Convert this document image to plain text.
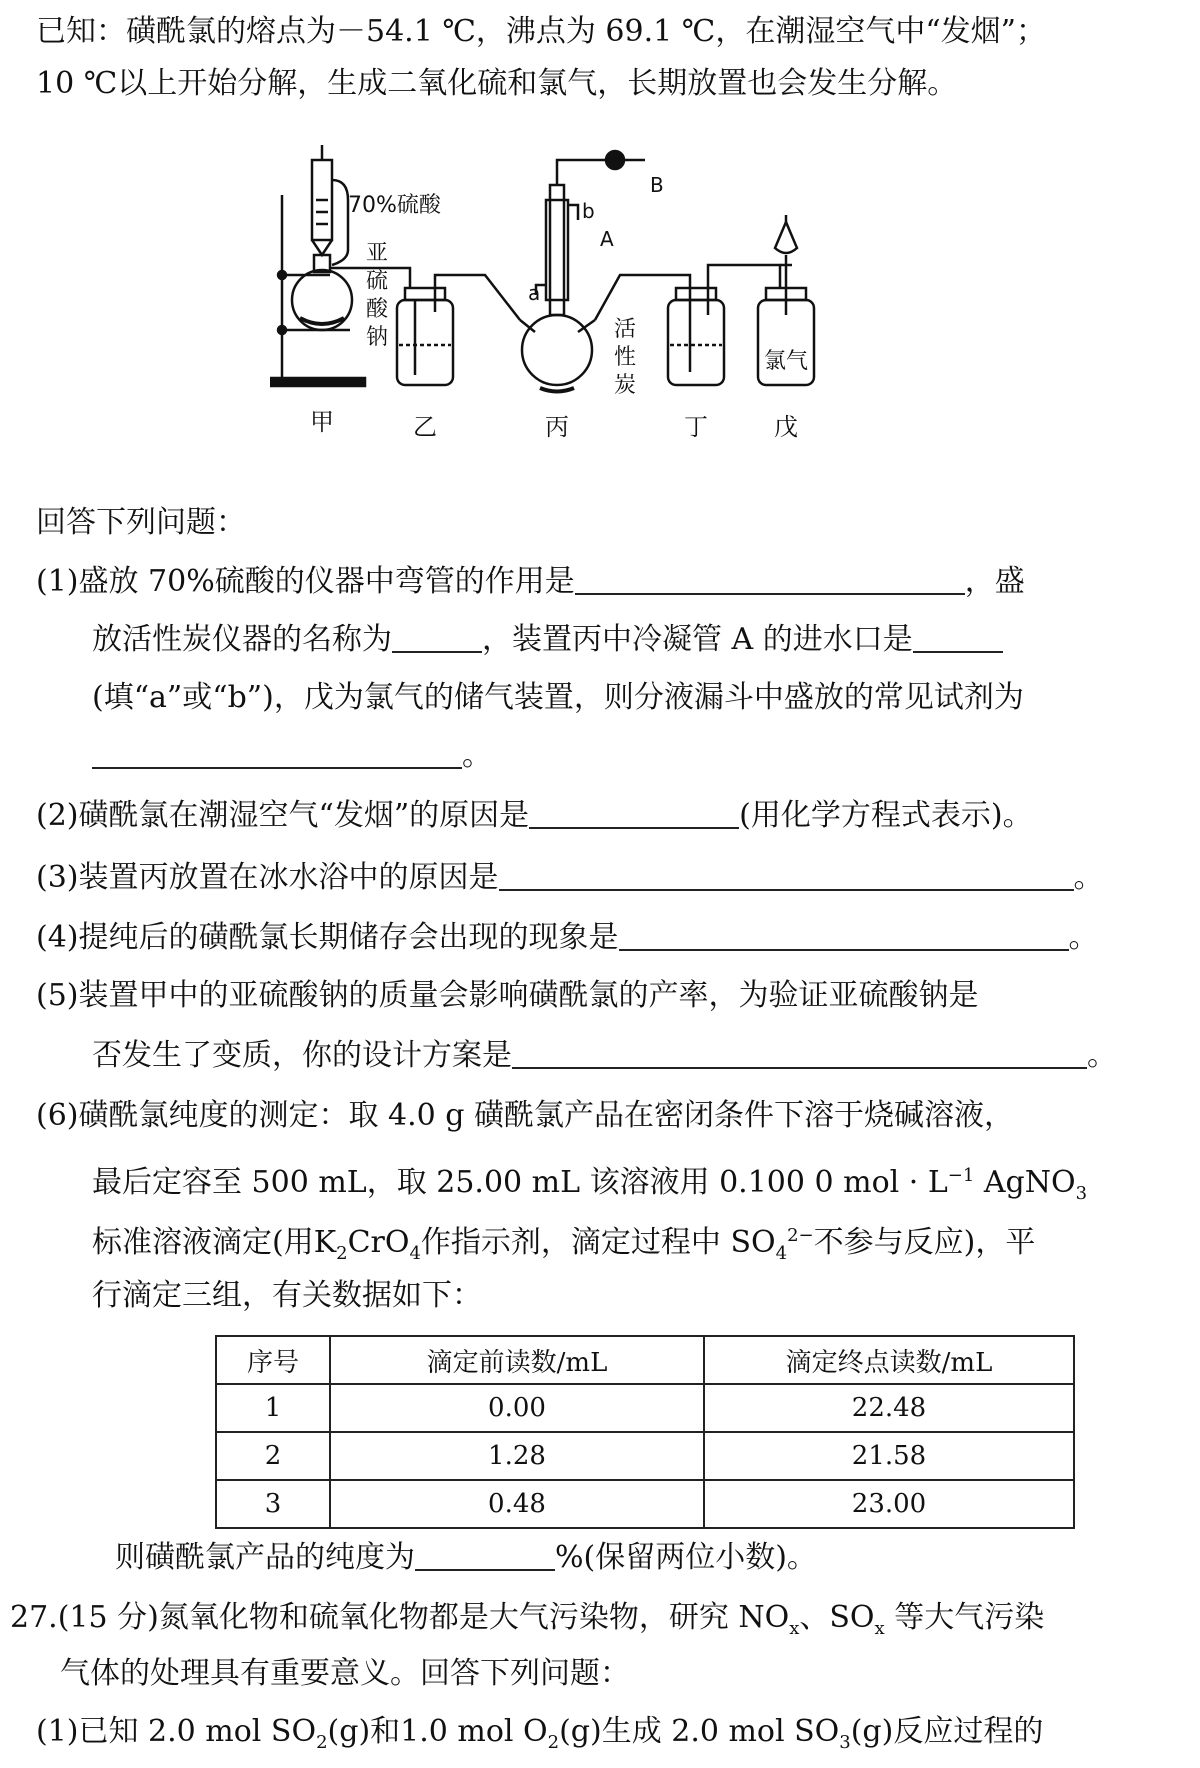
已知：磺酰氯的熔点为－54.1 ℃，沸点为 69.1 ℃，在潮湿空气中“发烟”；
10 ℃以上开始分解，生成二氧化硫和氯气，长期放置也会发生分解。
70%硫酸
亚
硫
酸
钠
B
b
A
a
活
性
炭
氯气
甲	乙	丙	丁	戊
回答下列问题：
(1)盛放 70%硫酸的仪器中弯管的作用是	，盛
放活性炭仪器的名称为	，装置丙中冷凝管 A 的进水口是
(填“a”或“b”)，戊为氯气的储气装置，则分液漏斗中盛放的常见试剂为
。
(2)磺酰氯在潮湿空气“发烟”的原因是	(用化学方程式表示)。
(3)装置丙放置在冰水浴中的原因是	。
(4)提纯后的磺酰氯长期储存会出现的现象是	。
(5)装置甲中的亚硫酸钠的质量会影响磺酰氯的产率，为验证亚硫酸钠是
否发生了变质，你的设计方案是	。
(6)磺酰氯纯度的测定：取 4.0 g 磺酰氯产品在密闭条件下溶于烧碱溶液，
最后定容至 500 mL，取 25.00 mL 该溶液用 0.100 0 mol · $L^{-1}$ AgNO$_3$
标准溶液滴定(用$K_2CrO_4$作指示剂，滴定过程中 $SO_4^{2-}$不参与反应)，平
行滴定三组，有关数据如下：
序号	滴定前读数/mL	滴定终点读数/mL
1	0.00	22.48
2	1.28	21.58
3	0.48	23.00
则磺酰氯产品的纯度为	%(保留两位小数)。
27.(15 分)氮氧化物和硫氧化物都是大气污染物，研究 $NO_x$、$SO_x$ 等大气污染
气体的处理具有重要意义。回答下列问题：
(1)已知 2.0 mol $SO_2(g)$和1.0 mol $O_2(g)$生成 2.0 mol $SO_3(g)$反应过程的
